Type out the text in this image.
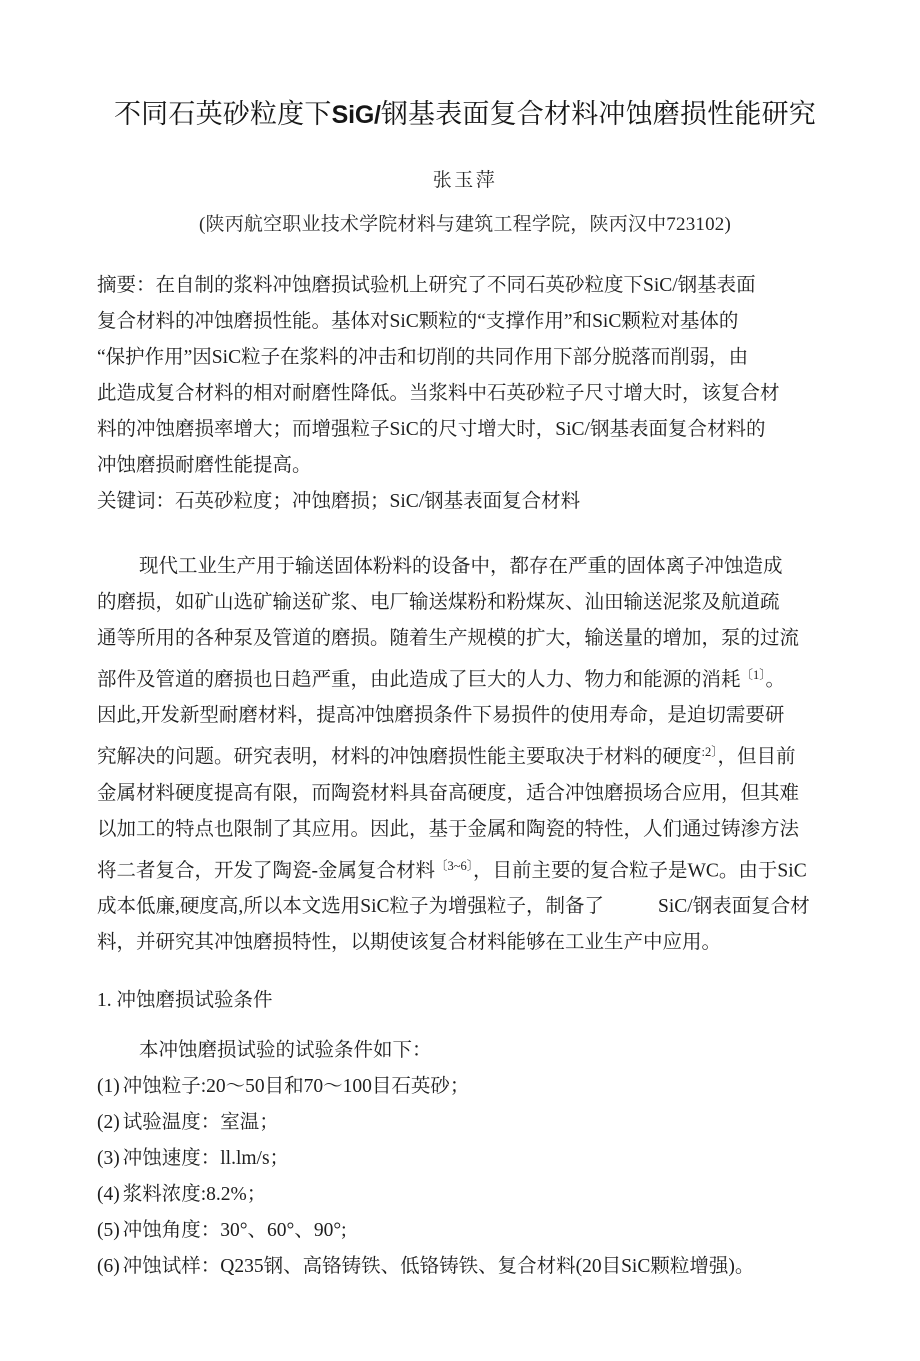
不同石英砂粒度下SiG/钢基表面复合材料冲蚀磨损性能研究

张玉萍

(陕丙航空职业技术学院材料与建筑工程学院，陕丙汉中723102)

摘要：在自制的浆料冲蚀磨损试验机上研究了不同石英砂粒度下SiC/钢基表面

复合材料的冲蚀磨损性能。基体对SiC颗粒的“支撑作用”和SiC颗粒对基体的

“保护作用”因SiC粒子在浆料的冲击和切削的共同作用下部分脱落而削弱，由

此造成复合材料的相对耐磨性降低。当浆料中石英砂粒子尺寸增大时，该复合材

料的冲蚀磨损率增大；而增强粒子SiC的尺寸增大时，SiC/钢基表面复合材料的

冲蚀磨损耐磨性能提高。

关键词：石英砂粒度；冲蚀磨损；SiC/钢基表面复合材料

现代工业生产用于输送固体粉料的设备中，都存在严重的固体离子冲蚀造成

的磨损，如矿山选矿输送矿浆、电厂输送煤粉和粉煤灰、汕田输送泥浆及航道疏

通等所用的各种泵及管道的磨损。随着生产规模的扩大，输送量的增加，泵的过流

部件及管道的磨损也日趋严重，由此造成了巨大的人力、物力和能源的消耗$^{〔1〕}$。

因此,开发新型耐磨材料，提高冲蚀磨损条件下易损件的使用寿命，是迫切需要研

究解决的问题。研究表明，材料的冲蚀磨损性能主要取决于材料的硬度$^{:2〕}$，但目前

金属材料硬度提高有限，而陶瓷材料具奋高硬度，适合冲蚀磨损场合应用，但其难

以加工的特点也限制了其应用。因此，基于金属和陶瓷的特性，人们通过铸渗方法

将二者复合，开发了陶瓷-金属复合材料$^{〔3\sim 6〕}$，目前主要的复合粒子是WC。由于SiC

成本低廉,硬度高,所以本文选用SiC粒子为增强粒子，制备了	SiC/钢表面复合材

料，并研究其冲蚀磨损特性，以期使该复合材料能够在工业生产中应用。

1. 冲蚀磨损试验条件

本冲蚀磨损试验的试验条件如下：

(1) 冲蚀粒子:20～50目和70～100目石英砂；

(2) 试验温度：室温；

(3) 冲蚀速度：ll.lm/s；

(4) 浆料浓度:8.2%；

(5) 冲蚀角度：30°、60°、90°;

(6) 冲蚀试样：Q235钢、高铬铸铁、低铬铸铁、复合材料(20目SiC颗粒增强)。
